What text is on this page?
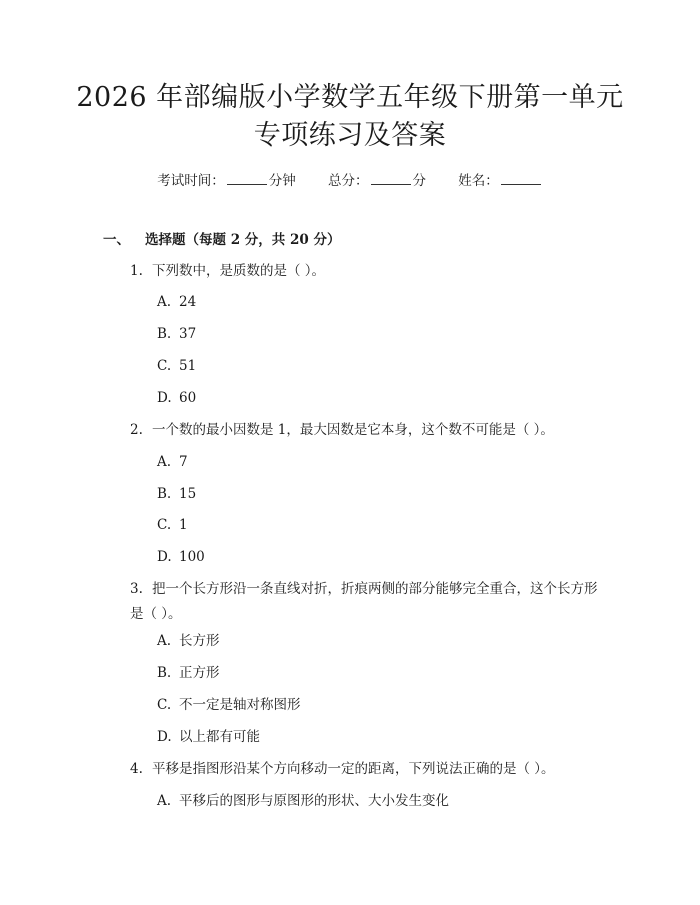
2026 年部编版小学数学五年级下册第一单元
专项练习及答案
考试时间：	分钟 总分：	分 姓名：
一、 选择题（每题 2 分，共 20 分）
1. 下列数中，是质数的是（ ）。
A. 24
B. 37
C. 51
D. 60
2. 一个数的最小因数是 1，最大因数是它本身，这个数不可能是（ ）。
A. 7
B. 15
C. 1
D. 100
3. 把一个长方形沿一条直线对折，折痕两侧的部分能够完全重合，这个长方形是（ ）。
A. 长方形
B. 正方形
C. 不一定是轴对称图形
D. 以上都有可能
4. 平移是指图形沿某个方向移动一定的距离，下列说法正确的是（ ）。
A. 平移后的图形与原图形的形状、大小发生变化
